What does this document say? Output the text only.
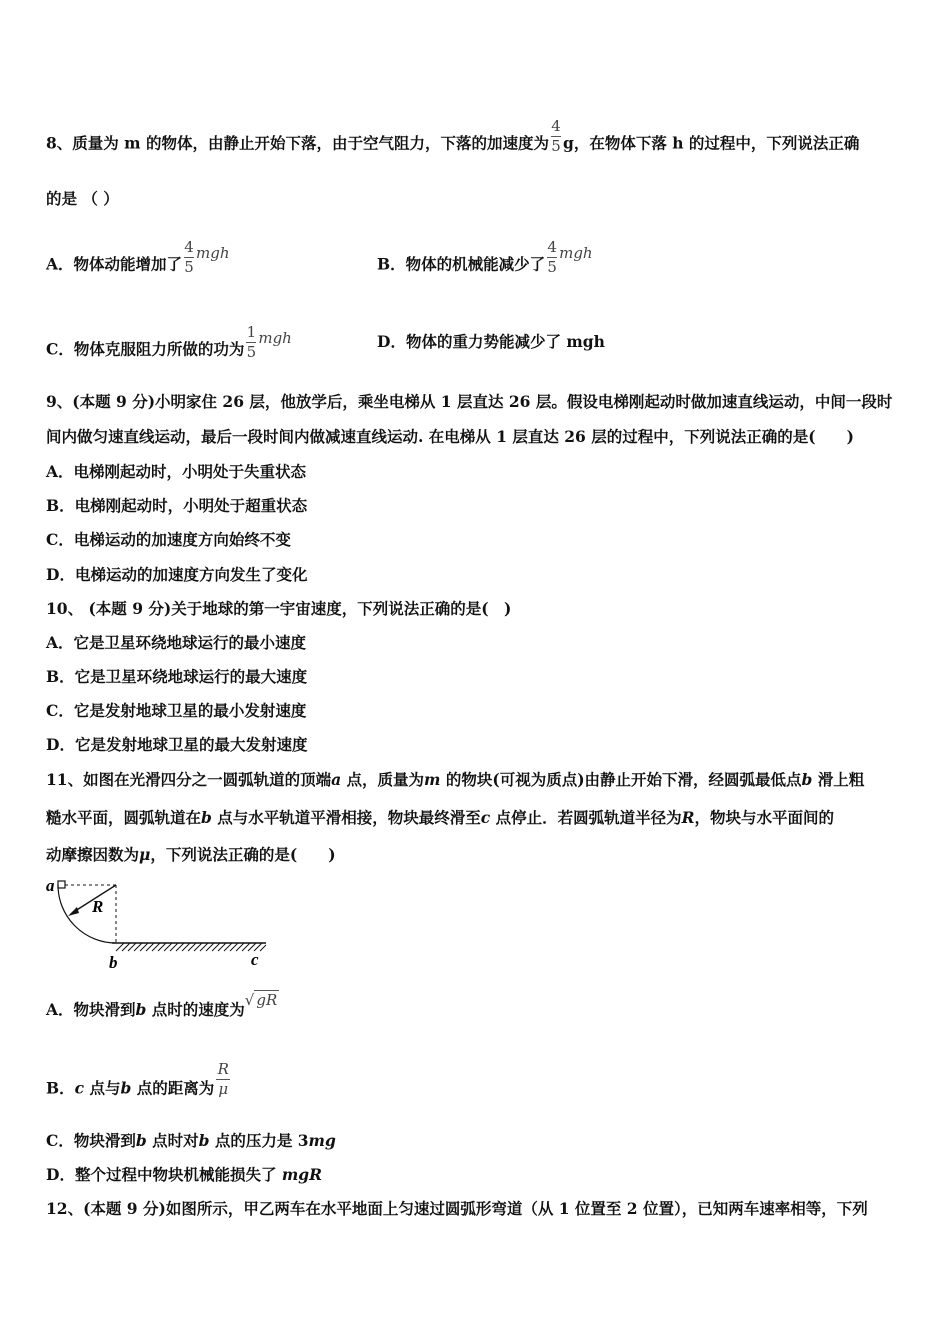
8、质量为 m 的物体，由静止开始下落，由于空气阻力，下落的加速度为 $\frac{4}{5}$ g，在物体下落 h 的过程中，下列说法正确
的是 （ ）
A．物体动能增加了 $\frac{4}{5}$ mgh
B．物体的机械能减少了 $\frac{4}{5}$ mgh
C．物体克服阻力所做的功为 $\frac{1}{5}$ mgh	D．物体的重力势能减少了 mgh
9、(本题 9 分)小明家住 26 层，他放学后，乘坐电梯从 1 层直达 26 层。假设电梯刚起动时做加速直线运动，中间一段时
间内做匀速直线运动，最后一段时间内做减速直线运动. 在电梯从 1 层直达 26 层的过程中，下列说法正确的是(　　)
A．电梯刚起动时，小明处于失重状态
B．电梯刚起动时，小明处于超重状态
C．电梯运动的加速度方向始终不变
D．电梯运动的加速度方向发生了变化
10、 (本题 9 分)关于地球的第一宇宙速度，下列说法正确的是(　)
A．它是卫星环绕地球运行的最小速度
B．它是卫星环绕地球运行的最大速度
C．它是发射地球卫星的最小发射速度
D．它是发射地球卫星的最大发射速度
11、如图在光滑四分之一圆弧轨道的顶端a 点，质量为m 的物块(可视为质点)由静止开始下滑，经圆弧最低点b 滑上粗
糙水平面，圆弧轨道在b 点与水平轨道平滑相接，物块最终滑至c 点停止．若圆弧轨道半径为R，物块与水平面间的
动摩擦因数为μ，下列说法正确的是(　　)
a
R
b	c
A．物块滑到b 点时的速度为√ gR
B．c 点与b 点的距离为 $\frac{R}{\mu}$
C．物块滑到b 点时对b 点的压力是 3mg
D．整个过程中物块机械能损失了 mgR
12、(本题 9 分)如图所示，甲乙两车在水平地面上匀速过圆弧形弯道（从 1 位置至 2 位置），已知两车速率相等，下列
